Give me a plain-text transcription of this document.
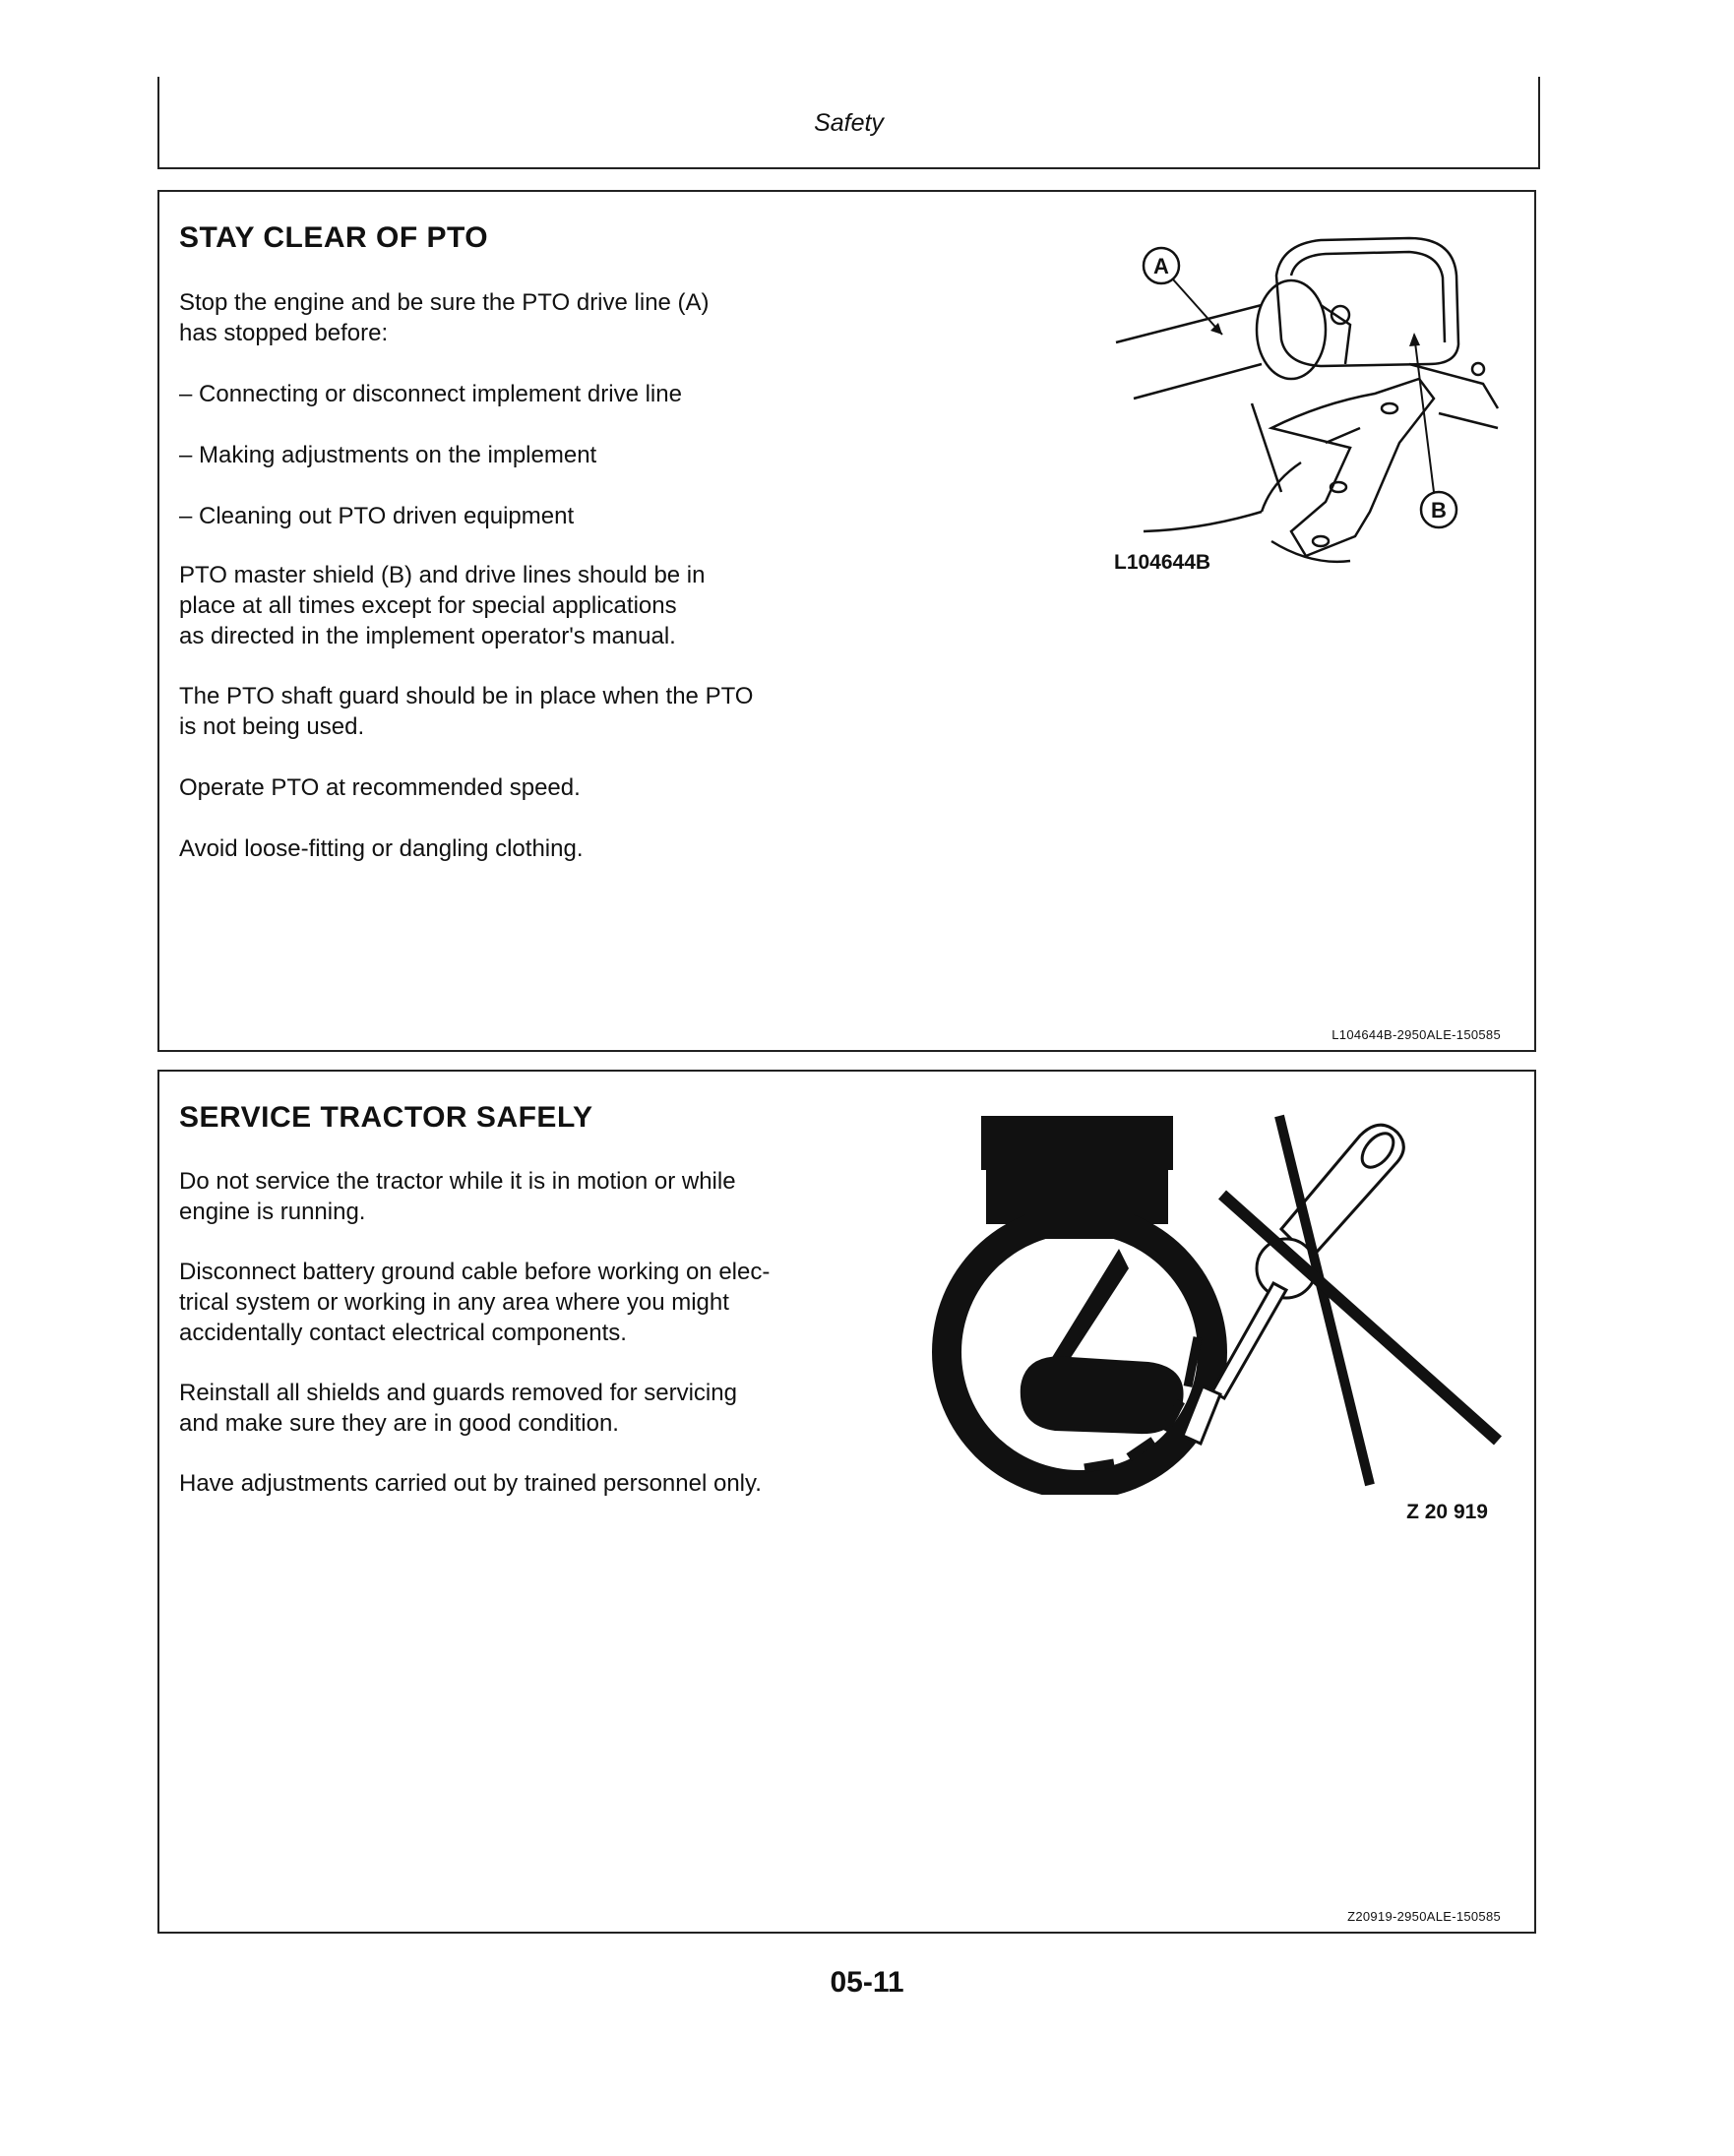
Safety
STAY CLEAR OF PTO

Stop the engine and be sure the PTO drive line (A)
has stopped before:

– Connecting or disconnect implement drive line

– Making adjustments on the implement

– Cleaning out PTO driven equipment

PTO master shield (B) and drive lines should be in
place at all times except for special applications
as directed in the implement operator's manual.

The PTO shaft guard should be in place when the PTO
is not being used.

Operate PTO at recommended speed.

Avoid loose-fitting or dangling clothing.

A
B
L104644B
L104644B-2950ALE-150585
SERVICE TRACTOR SAFELY

Do not service the tractor while it is in motion or while
engine is running.

Disconnect battery ground cable before working on elec-
trical system or working in any area where you might
accidentally contact electrical components.

Reinstall all shields and guards removed for servicing
and make sure they are in good condition.

Have adjustments carried out by trained personnel only.

Z 20 919
Z20919-2950ALE-150585
05-11
